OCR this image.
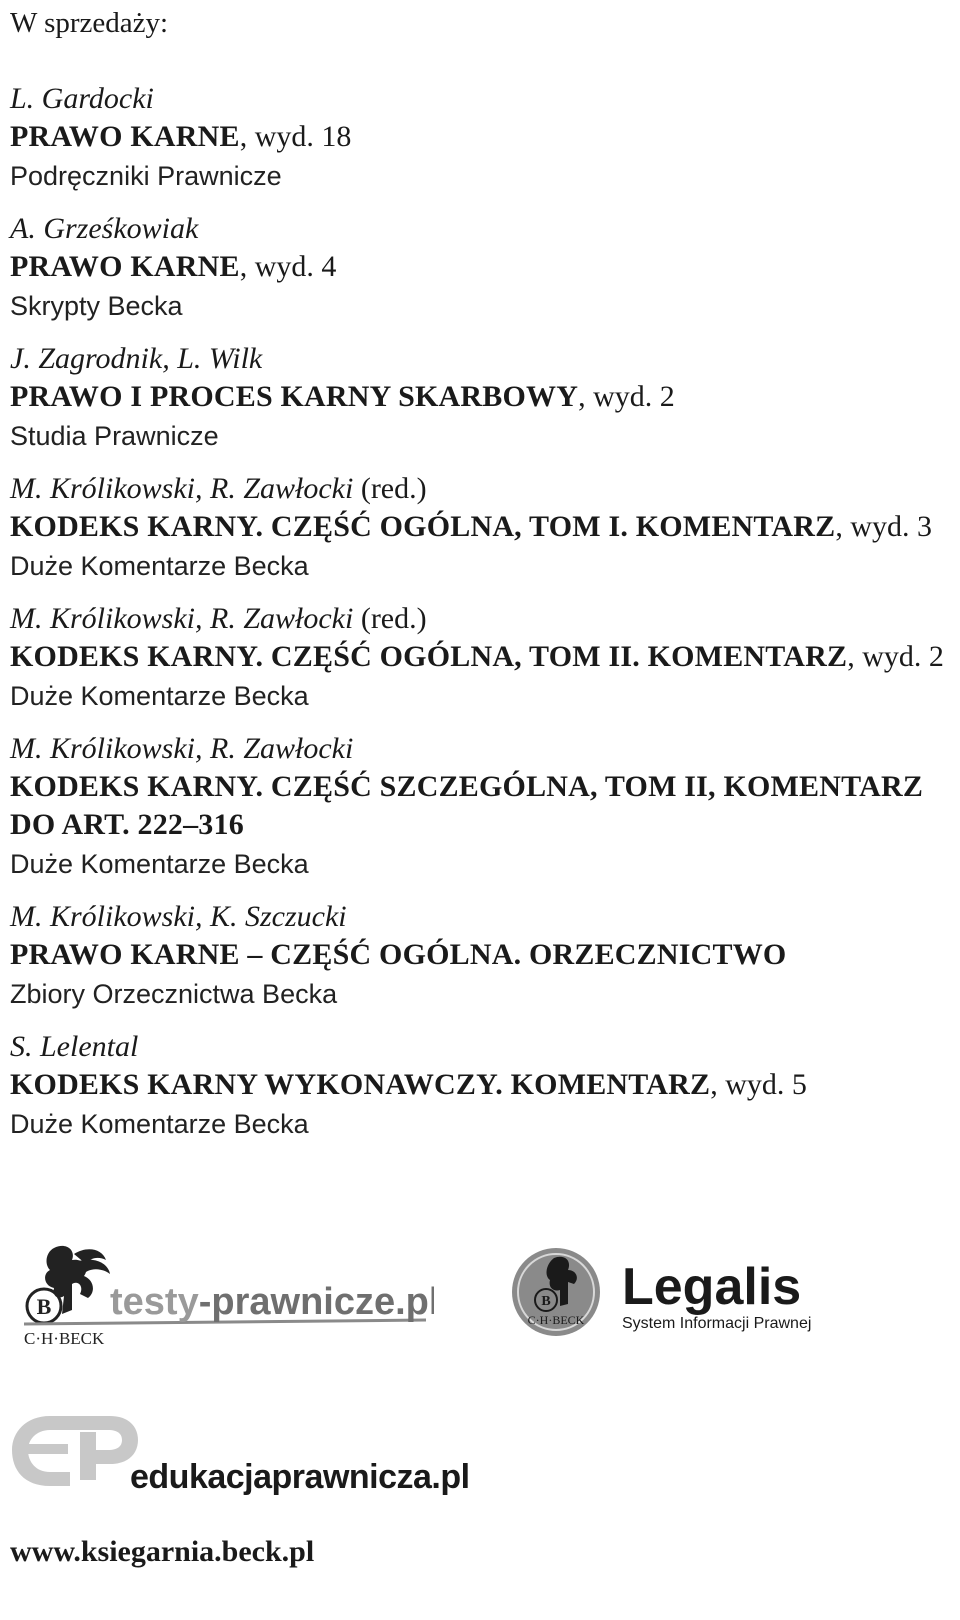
W sprzedaży:
L. Gardocki
PRAWO KARNE, wyd. 18
Podręczniki Prawnicze
A. Grześkowiak
PRAWO KARNE, wyd. 4
Skrypty Becka
J. Zagrodnik, L. Wilk
PRAWO I PROCES KARNY SKARBOWY, wyd. 2
Studia Prawnicze
M. Królikowski, R. Zawłocki (red.)
KODEKS KARNY. CZĘŚĆ OGÓLNA, TOM I. KOMENTARZ, wyd. 3
Duże Komentarze Becka
M. Królikowski, R. Zawłocki (red.)
KODEKS KARNY. CZĘŚĆ OGÓLNA, TOM II. KOMENTARZ, wyd. 2
Duże Komentarze Becka
M. Królikowski, R. Zawłocki
KODEKS KARNY. CZĘŚĆ SZCZEGÓLNA, TOM II, KOMENTARZ DO ART. 222–316
Duże Komentarze Becka
M. Królikowski, K. Szczucki
PRAWO KARNE – CZĘŚĆ OGÓLNA. ORZECZNICTWO
Zbiory Orzecznictwa Becka
S. Lelental
KODEKS KARNY WYKONAWCZY. KOMENTARZ, wyd. 5
Duże Komentarze Becka
B
C·H·BECK
testy-prawnicze.pl	B
C·H·BECK
Legalis
System Informacji Prawnej
EP
edukacjaprawnicza.pl
www.ksiegarnia.beck.pl
